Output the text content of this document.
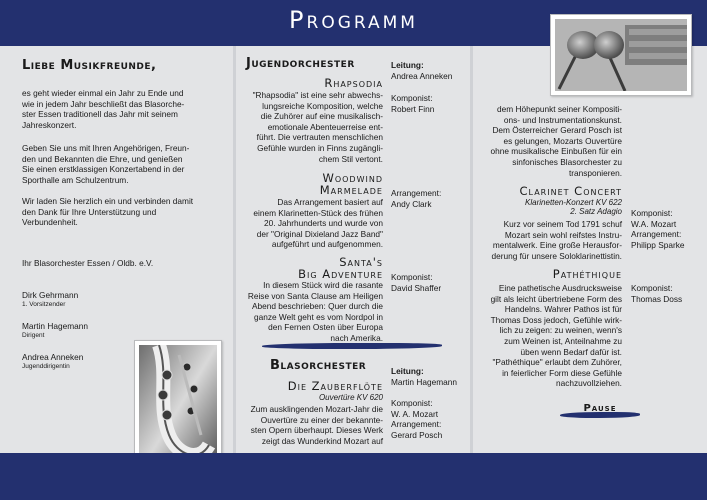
Programm
Liebe Musikfreunde,
es geht wieder einmal ein Jahr zu Ende und
wie in jedem Jahr beschließt das Blasorche-
ster Essen traditionell das Jahr mit seinem
Jahreskonzert.
Geben Sie uns mit Ihren Angehörigen, Freun-
den und Bekannten die Ehre, und genießen
Sie einen erstklassigen Konzertabend in der
Sporthalle am Schulzentrum.
Wir laden Sie herzlich ein und verbinden damit
den Dank für Ihre Unterstützung und
Verbundenheit.
Ihr Blasorchester Essen / Oldb. e.V.
Dirk Gehrmann
1. Vorsitzender
Martin Hagemann
Dirigent
Andrea Anneken
Jugenddirigentin
Jugendorchester	Leitung:
Andrea Anneken
Rhapsodia
"Rhapsodia" ist eine sehr abwechs-
lungsreiche Komposition, welche
die Zuhörer auf eine musikalisch-
emotionale Abenteuerreise ent-
führt. Die vertrauten menschlichen
Gefühle wurden in Finns zugängli-
chem Stil vertont.
Komponist:
Robert Finn
Woodwind
Marmelade
Das Arrangement basiert auf
einem Klarinetten-Stück des frühen
20. Jahrhunderts und wurde von
der "Original Dixieland Jazz Band"
aufgeführt und aufgenommen.
Arrangement:
Andy Clark
Santa's
Big Adventure
In diesem Stück wird die rasante
Reise von Santa Clause am Heiligen
Abend beschrieben: Quer durch die
ganze Welt geht es vom Nordpol in
den Fernen Osten über Europa
nach Amerika.
Komponist:
David Shaffer
Blasorchester	Leitung:
Martin Hagemann
Die Zauberflöte
Ouvertüre KV 620
Zum ausklingenden Mozart-Jahr die
Ouvertüre zu einer der bekannte-
sten Opern überhaupt. Dieses Werk
zeigt das Wunderkind Mozart auf
Komponist:
W. A. Mozart
Arrangement:
Gerard Posch
dem Höhepunkt seiner Kompositi-
ons- und Instrumentationskunst.
Dem Österreicher Gerard Posch ist
es gelungen, Mozarts Ouvertüre
ohne musikalische Einbußen für ein
sinfonisches Blasorchester zu
transponieren.
Clarinet Concert
Klarinetten-Konzert KV 622
2. Satz Adagio
Kurz vor seinem Tod 1791 schuf
Mozart sein wohl reifstes Instru-
mentalwerk. Eine große Herausfor-
derung für unsere Soloklarinettistin.
Komponist:
W.A. Mozart
Arrangement:
Philipp Sparke
Pathéthique
Eine pathetische Ausdrucksweise
gilt als leicht übertriebene Form des
Handelns. Wahrer Pathos ist für
Thomas Doss jedoch, Gefühle wirk-
lich zu zeigen: zu weinen, wenn's
zum Weinen ist, Anteilnahme zu
üben wenn Bedarf dafür ist.
"Pathéthique" erlaubt dem Zuhörer,
in feierlicher Form diese Gefühle
nachzuvollziehen.
Komponist:
Thomas Doss
Pause
